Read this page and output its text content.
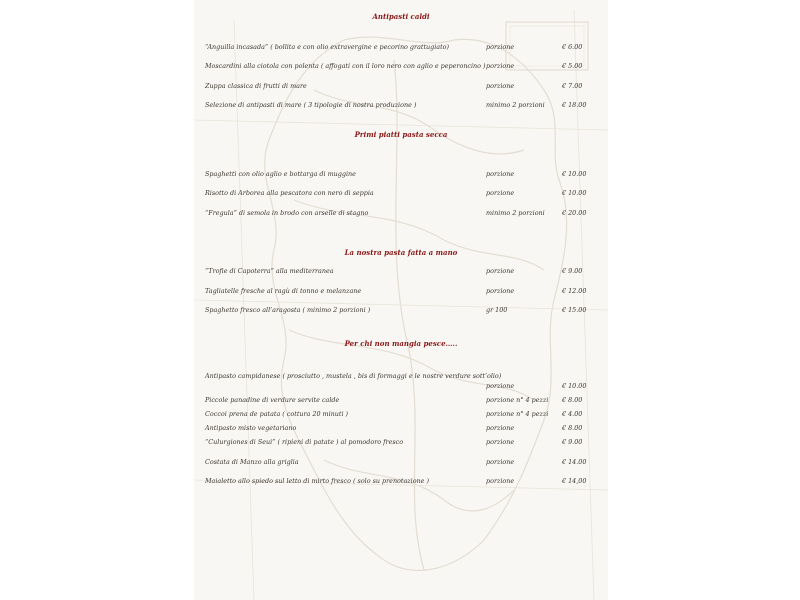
Antipasti caldi
“Anguilla incasada” ( bollita e con olio extravergine e pecorino grattugiato)	porzione	€ 6.00
Moscardini alla ciotola con polenta ( affogati con il loro nero con aglio e peperoncino ) porzione	€ 5.00
Zuppa classica di frutti di mare	porzione	€ 7.00
Selezione di antipasti di mare ( 3 tipologie di nostra produzione )	minimo 2 porzioni	€ 18.00
Primi piatti pasta secca
Spaghetti con olio aglio e bottarga di muggine	porzione	€ 10.00
Risotto di Arborea alla pescatora con nero di seppia	porzione	€ 10.00
“Fregula” di semola in brodo con arselle di stagno	minimo 2 porzioni	€ 20.00
La nostra pasta fatta a mano
“Trofie di Capoterra” alla mediterranea	porzione	€ 9.00
Tagliatelle fresche al ragù di tonno e melanzane	porzione	€ 12.00
Spaghetto fresco all’aragosta ( minimo 2 porzioni )	gr 100	€ 15.00
Per chi non mangia pesce…..
Antipasto campidanese ( prosciutto , mustela , bis di formaggi e le nostre verdure sott’olio)
porzione	€ 10.00
Piccole panadine di verdure servite calde	porzione n° 4 pezzi € 8.00
Coccoi prena de patata ( cottura 20 minuti )	porzione n° 4 pezzi € 4.00
Antipasto misto vegetariano	porzione	€ 8.00
“Culurgiones di Seui” ( ripieni di patate ) al pomodoro fresco	porzione	€ 9.00
Costata di Manzo alla griglia	porzione	€ 14.00
Maialetto allo spiedo sul letto di mirto fresco ( solo su prenotazione )	porzione	€ 14,00
